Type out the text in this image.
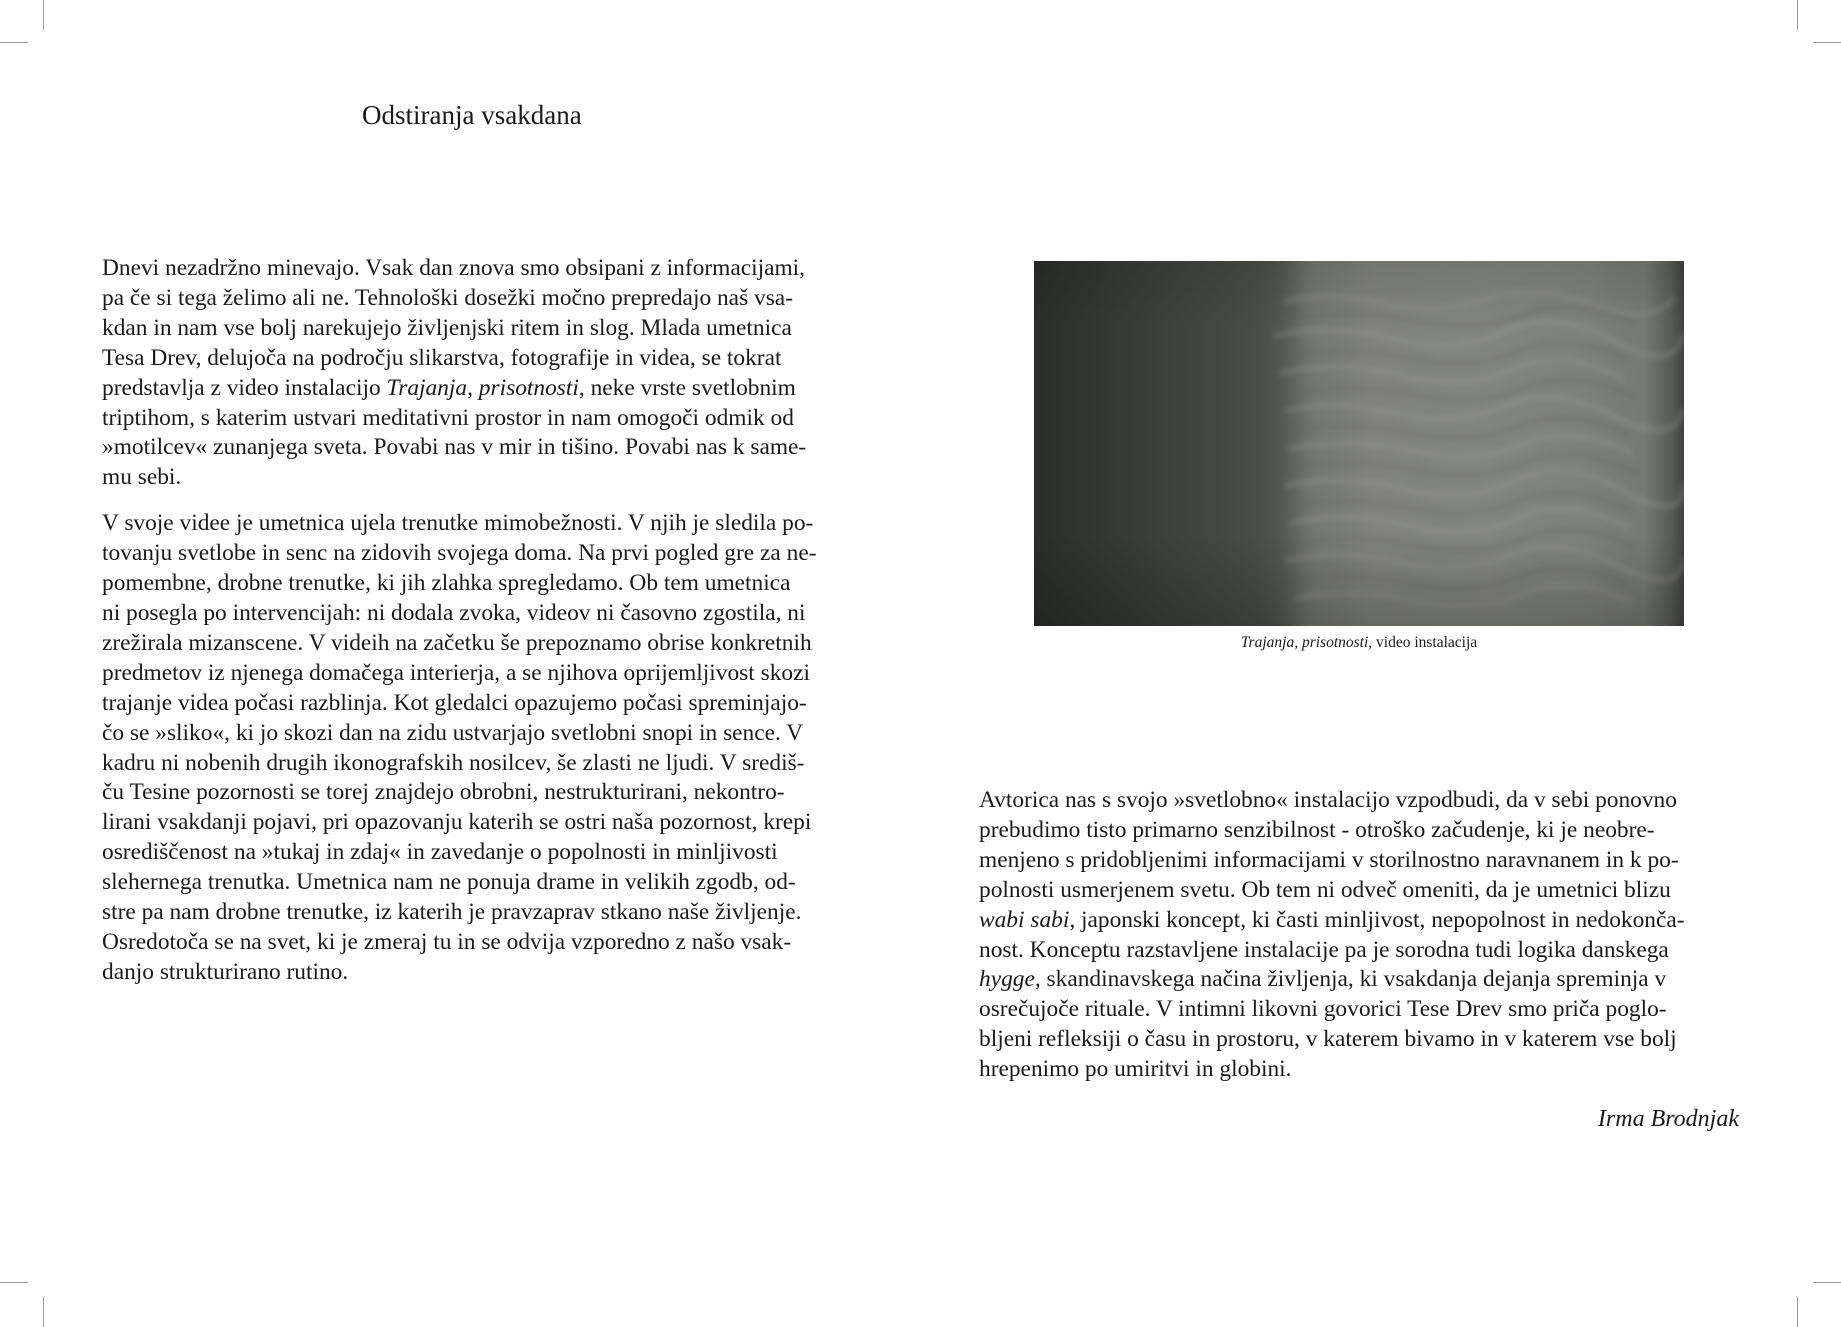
Odstiranja vsakdana

Dnevi nezadržno minevajo. Vsak dan znova smo obsipani z informacijami,
pa če si tega želimo ali ne. Tehnološki dosežki močno prepredajo naš vsa-
kdan in nam vse bolj narekujejo življenjski ritem in slog. Mlada umetnica
Tesa Drev, delujoča na področju slikarstva, fotografije in videa, se tokrat
predstavlja z video instalacijo Trajanja, prisotnosti, neke vrste svetlobnim
triptihom, s katerim ustvari meditativni prostor in nam omogoči odmik od
»motilcev« zunanjega sveta. Povabi nas v mir in tišino. Povabi nas k same-
mu sebi.

V svoje videe je umetnica ujela trenutke mimobežnosti. V njih je sledila po-
tovanju svetlobe in senc na zidovih svojega doma. Na prvi pogled gre za ne-
pomembne, drobne trenutke, ki jih zlahka spregledamo. Ob tem umetnica
ni posegla po intervencijah: ni dodala zvoka, videov ni časovno zgostila, ni
zrežirala mizanscene. V videih na začetku še prepoznamo obrise konkretnih
predmetov iz njenega domačega interierja, a se njihova oprijemljivost skozi
trajanje videa počasi razblinja. Kot gledalci opazujemo počasi spreminjajo-
čo se »sliko«, ki jo skozi dan na zidu ustvarjajo svetlobni snopi in sence. V
kadru ni nobenih drugih ikonografskih nosilcev, še zlasti ne ljudi. V središ-
ču Tesine pozornosti se torej znajdejo obrobni, nestrukturirani, nekontro-
lirani vsakdanji pojavi, pri opazovanju katerih se ostri naša pozornost, krepi
osrediščenost na »tukaj in zdaj« in zavedanje o popolnosti in minljivosti
slehernega trenutka. Umetnica nam ne ponuja drame in velikih zgodb, od-
stre pa nam drobne trenutke, iz katerih je pravzaprav stkano naše življenje.
Osredotoča se na svet, ki je zmeraj tu in se odvija vzporedno z našo vsak-
danjo strukturirano rutino.

Trajanja, prisotnosti, video instalacija

Avtorica nas s svojo »svetlobno« instalacijo vzpodbudi, da v sebi ponovno
prebudimo tisto primarno senzibilnost - otroško začudenje, ki je neobre-
menjeno s pridobljenimi informacijami v storilnostno naravnanem in k po-
polnosti usmerjenem svetu. Ob tem ni odveč omeniti, da je umetnici blizu
wabi sabi, japonski koncept, ki časti minljivost, nepopolnost in nedokonča-
nost. Konceptu razstavljene instalacije pa je sorodna tudi logika danskega
hygge, skandinavskega načina življenja, ki vsakdanja dejanja spreminja v
osrečujoče rituale. V intimni likovni govorici Tese Drev smo priča poglo-
bljeni refleksiji o času in prostoru, v katerem bivamo in v katerem vse bolj
hrepenimo po umiritvi in globini.

Irma Brodnjak
